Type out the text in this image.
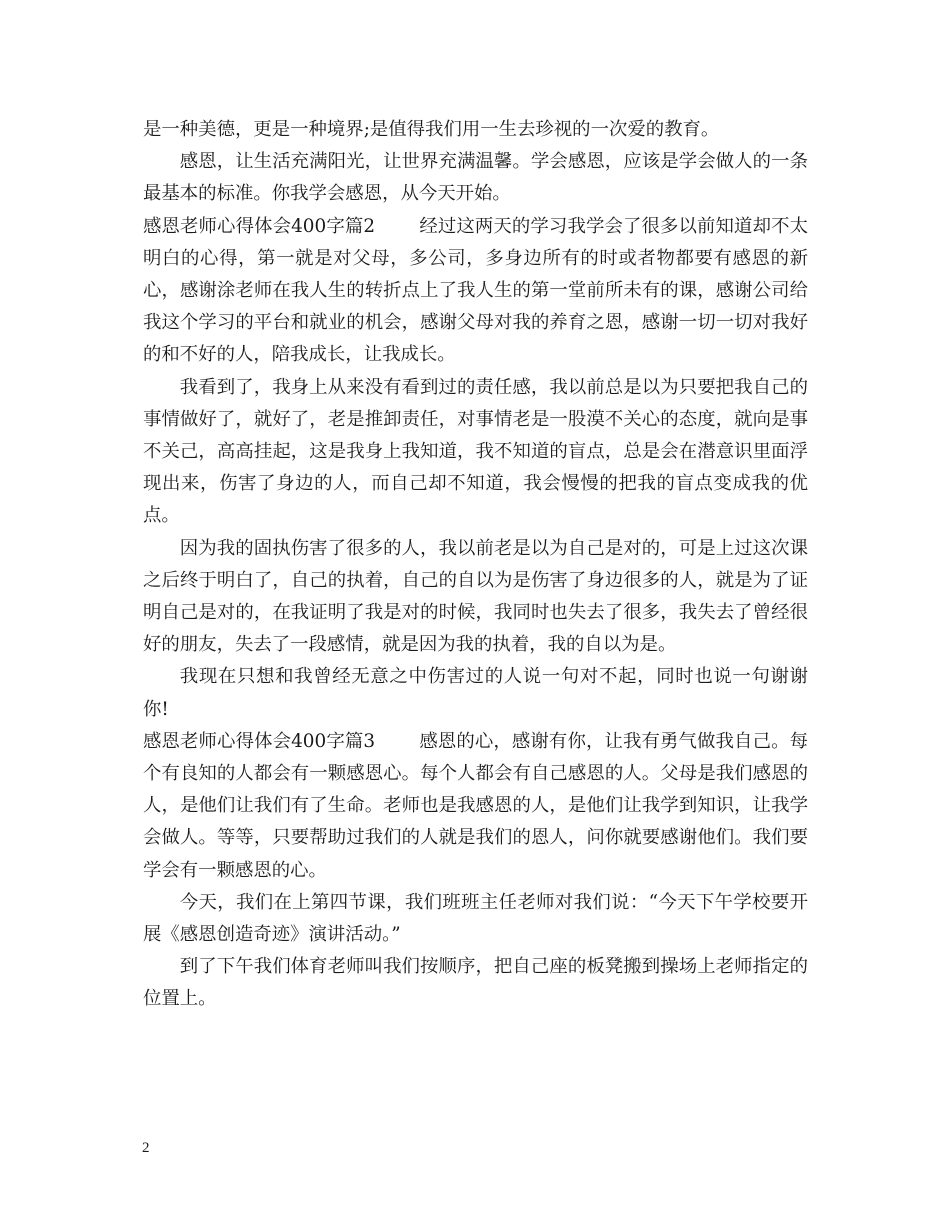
是一种美德，更是一种境界;是值得我们用一生去珍视的一次爱的教育。

感恩，让生活充满阳光，让世界充满温馨。学会感恩，应该是学会做人的一条最基本的标准。你我学会感恩，从今天开始。

感恩老师心得体会400字篇2 经过这两天的学习我学会了很多以前知道却不太明白的心得，第一就是对父母，多公司，多身边所有的时或者物都要有感恩的新心，感谢涂老师在我人生的转折点上了我人生的第一堂前所未有的课，感谢公司给我这个学习的平台和就业的机会，感谢父母对我的养育之恩，感谢一切一切对我好的和不好的人，陪我成长，让我成长。

我看到了，我身上从来没有看到过的责任感，我以前总是以为只要把我自己的事情做好了，就好了，老是推卸责任，对事情老是一股漠不关心的态度，就向是事不关己，高高挂起，这是我身上我知道，我不知道的盲点，总是会在潜意识里面浮现出来，伤害了身边的人，而自己却不知道，我会慢慢的把我的盲点变成我的优点。

因为我的固执伤害了很多的人，我以前老是以为自己是对的，可是上过这次课之后终于明白了，自己的执着，自己的自以为是伤害了身边很多的人，就是为了证明自己是对的，在我证明了我是对的时候，我同时也失去了很多，我失去了曾经很好的朋友，失去了一段感情，就是因为我的执着，我的自以为是。

我现在只想和我曾经无意之中伤害过的人说一句对不起，同时也说一句谢谢你!

感恩老师心得体会400字篇3 感恩的心，感谢有你，让我有勇气做我自己。每个有良知的人都会有一颗感恩心。每个人都会有自己感恩的人。父母是我们感恩的人，是他们让我们有了生命。老师也是我感恩的人，是他们让我学到知识，让我学会做人。等等，只要帮助过我们的人就是我们的恩人，问你就要感谢他们。我们要学会有一颗感恩的心。

今天，我们在上第四节课，我们班班主任老师对我们说：“今天下午学校要开展《感恩创造奇迹》演讲活动。”

到了下午我们体育老师叫我们按顺序，把自己座的板凳搬到操场上老师指定的位置上。

2
